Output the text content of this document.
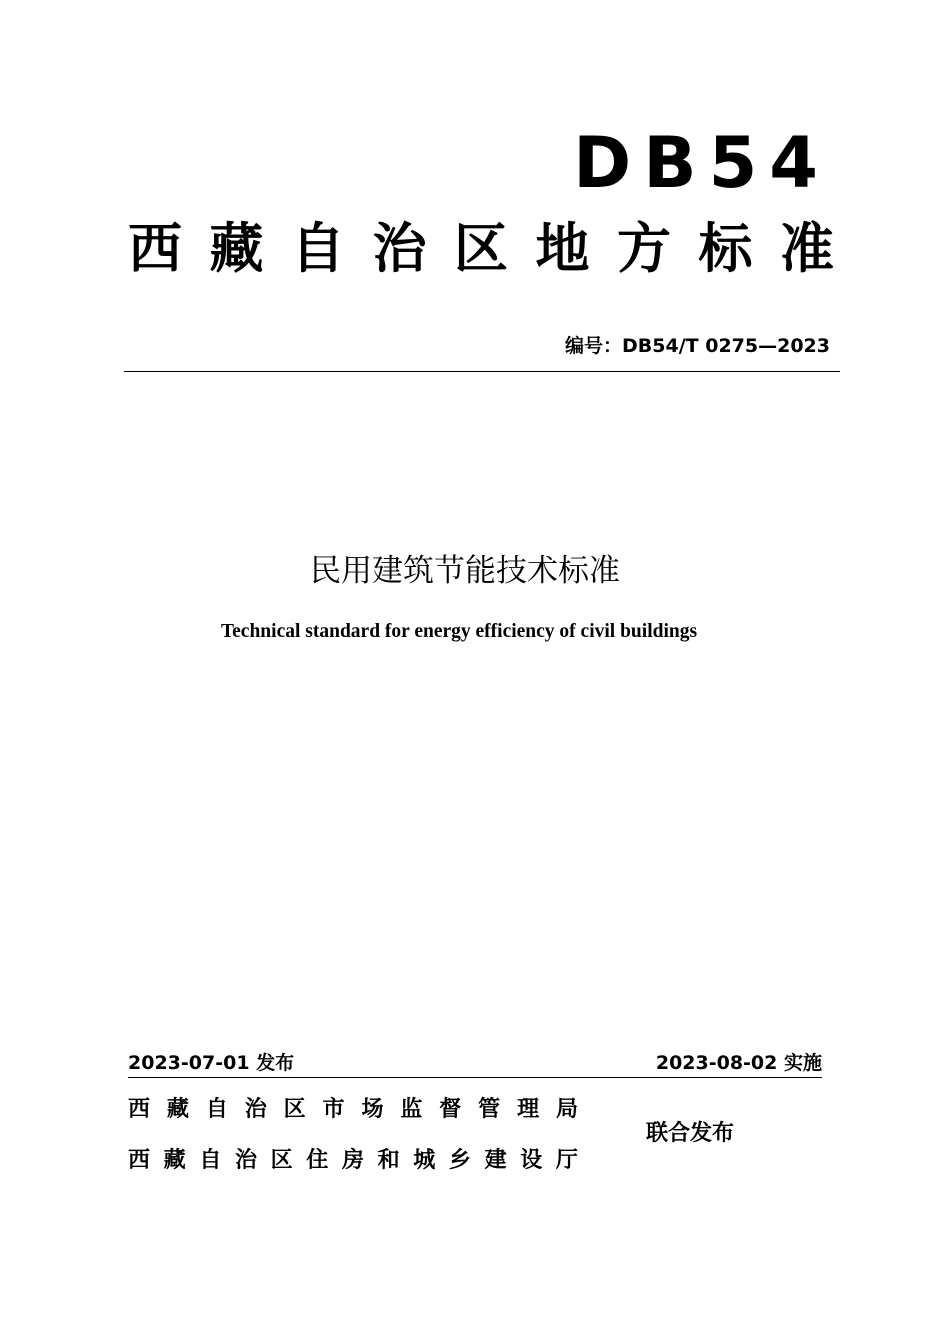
DB54
西 藏 自 治 区 地 方 标 准
编号：DB54/T 0275—2023
民用建筑节能技术标准
Technical standard for energy efficiency of civil buildings
2023-07-01 发布	2023-08-02 实施
西 藏 自 治 区 市 场 监 督 管 理 局
西 藏 自 治 区 住 房 和 城 乡 建 设 厅
联合发布
